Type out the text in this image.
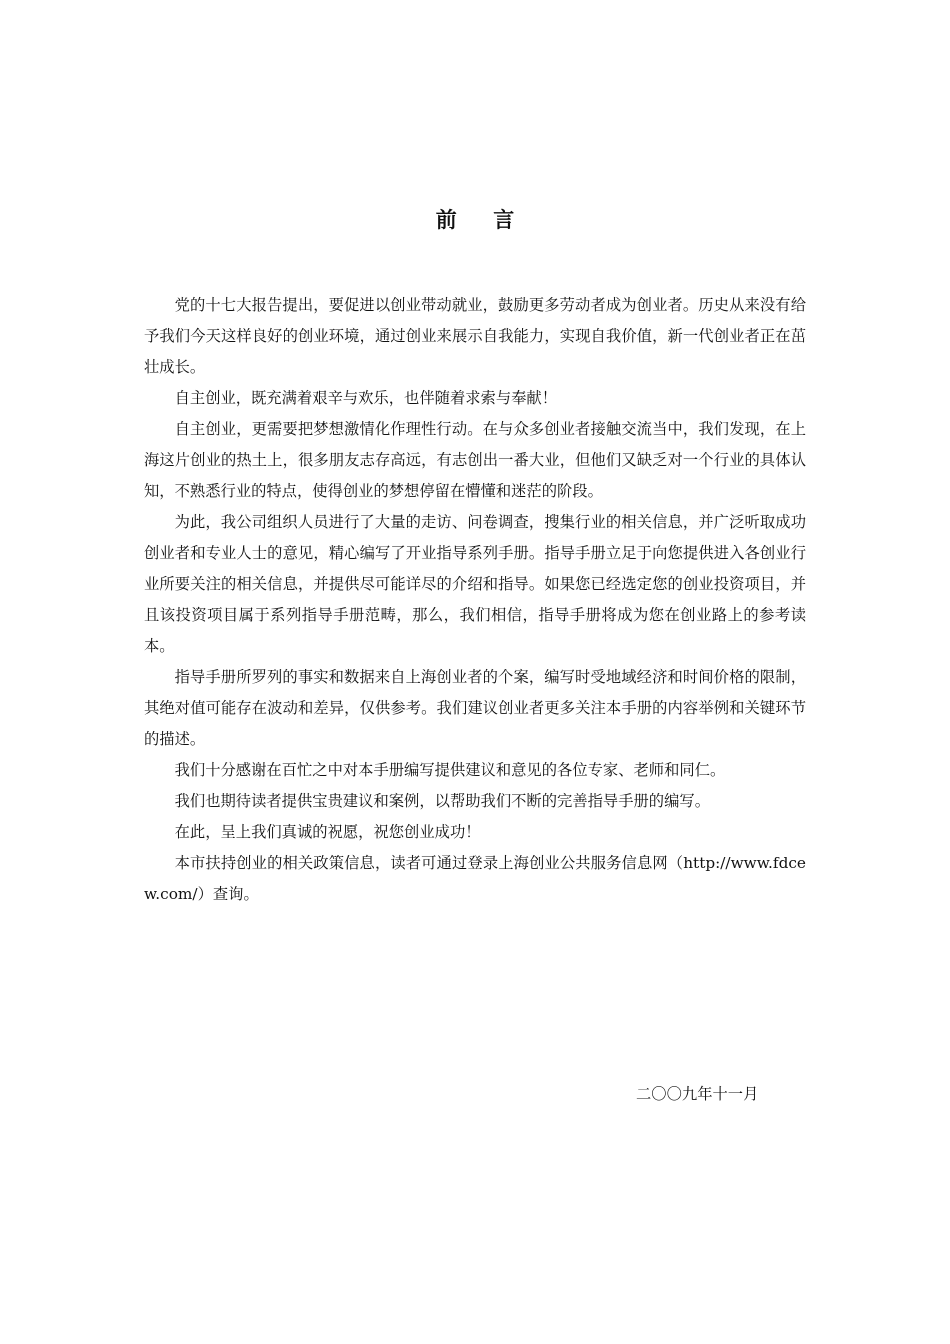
前     言

党的十七大报告提出，要促进以创业带动就业，鼓励更多劳动者成为创业者。历史从来没有给予我们今天这样良好的创业环境，通过创业来展示自我能力，实现自我价值，新一代创业者正在茁壮成长。

自主创业，既充满着艰辛与欢乐，也伴随着求索与奉献！

自主创业，更需要把梦想激情化作理性行动。在与众多创业者接触交流当中，我们发现，在上海这片创业的热土上，很多朋友志存高远，有志创出一番大业，但他们又缺乏对一个行业的具体认知，不熟悉行业的特点，使得创业的梦想停留在懵懂和迷茫的阶段。

为此，我公司组织人员进行了大量的走访、问卷调查，搜集行业的相关信息，并广泛听取成功创业者和专业人士的意见，精心编写了开业指导系列手册。指导手册立足于向您提供进入各创业行业所要关注的相关信息，并提供尽可能详尽的介绍和指导。如果您已经选定您的创业投资项目，并且该投资项目属于系列指导手册范畴，那么，我们相信，指导手册将成为您在创业路上的参考读本。

指导手册所罗列的事实和数据来自上海创业者的个案，编写时受地域经济和时间价格的限制，其绝对值可能存在波动和差异，仅供参考。我们建议创业者更多关注本手册的内容举例和关键环节的描述。

我们十分感谢在百忙之中对本手册编写提供建议和意见的各位专家、老师和同仁。

我们也期待读者提供宝贵建议和案例，以帮助我们不断的完善指导手册的编写。

在此，呈上我们真诚的祝愿，祝您创业成功！

本市扶持创业的相关政策信息，读者可通过登录上海创业公共服务信息网（http://www.fdcew.com/）查询。

二〇〇九年十一月
